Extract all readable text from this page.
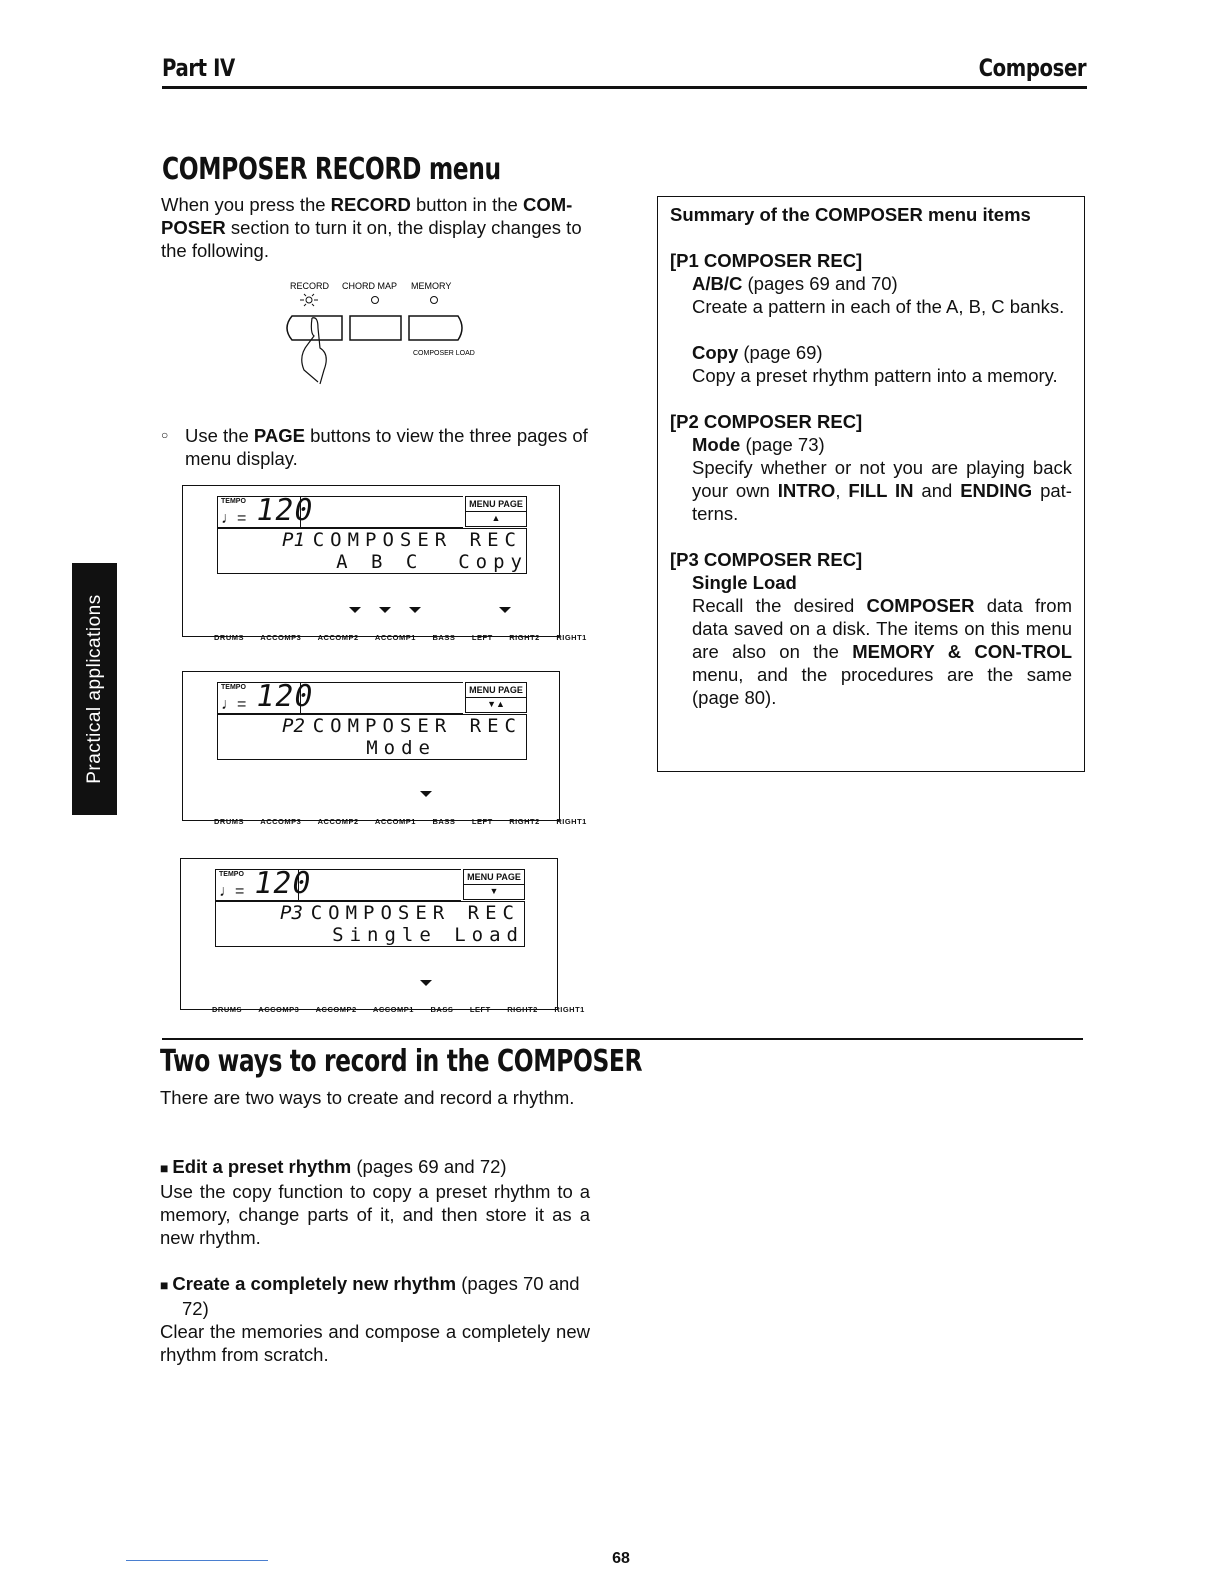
Part IV	Composer
Practical applications
COMPOSER RECORD menu
When you press the RECORD button in the COM-POSER section to turn it on, the display changes to the following.
RECORD CHORD MAP MEMORY
COMPOSER LOAD
○ Use the PAGE buttons to view the three pages of menu display.
TEMPO
♩= 120	MENU PAGE ▲
P1 COMPOSER REC
A B C  Copy
DRUMS ACCOMP3 ACCOMP2 ACCOMP1 BASS LEFT RIGHT2 RIGHT1
TEMPO
♩= 120	MENU PAGE ▼▲
P2 COMPOSER REC
Mode
DRUMS ACCOMP3 ACCOMP2 ACCOMP1 BASS LEFT RIGHT2 RIGHT1
TEMPO
♩= 120	MENU PAGE ▼
P3 COMPOSER REC
Single Load
DRUMS ACCOMP3 ACCOMP2 ACCOMP1 BASS LEFT RIGHT2 RIGHT1
Summary of the COMPOSER menu items
[P1 COMPOSER REC]
A/B/C (pages 69 and 70)
Create a pattern in each of the A, B, C banks.
Copy (page 69)
Copy a preset rhythm pattern into a memory.
[P2 COMPOSER REC]
Mode (page 73)
Specify whether or not you are playing back your own INTRO, FILL IN and ENDING pat-terns.
[P3 COMPOSER REC]
Single Load
Recall the desired COMPOSER data from data saved on a disk. The items on this menu are also on the MEMORY & CON-TROL menu, and the procedures are the same (page 80).
Two ways to record in the COMPOSER
There are two ways to create and record a rhythm.
■ Edit a preset rhythm (pages 69 and 72)
Use the copy function to copy a preset rhythm to a memory, change parts of it, and then store it as a new rhythm.
■ Create a completely new rhythm (pages 70 and 72)
Clear the memories and compose a completely new rhythm from scratch.
68
